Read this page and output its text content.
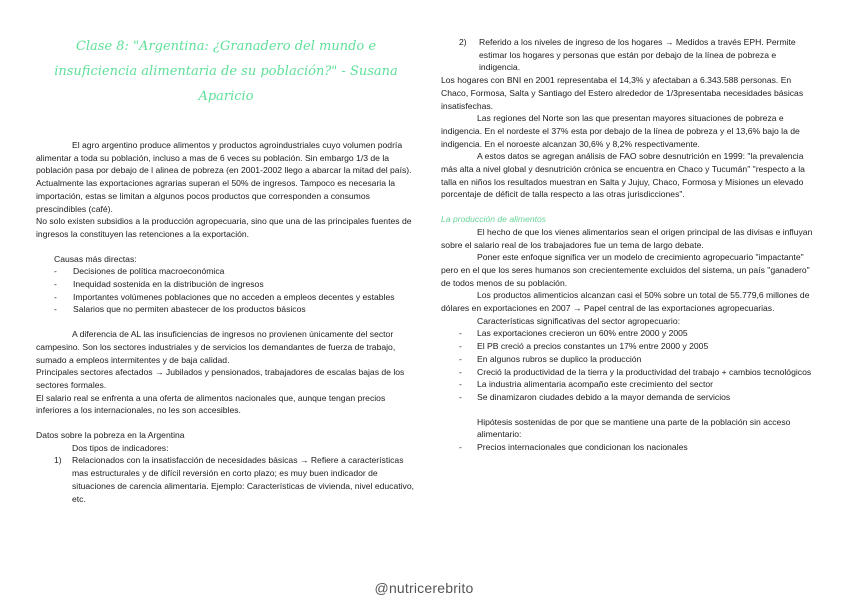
Clase 8: "Argentina: ¿Granadero del mundo e insuficiencia alimentaria de su población?" - Susana Aparicio

El agro argentino produce alimentos y productos agroindustriales cuyo volumen podría alimentar a toda su población, incluso a mas de 6 veces su población. Sin embargo 1/3 de la población pasa por debajo de l alinea de pobreza (en 2001-2002 llego a abarcar la mitad del país).

Actualmente las exportaciones agrarias superan el 50% de ingresos. Tampoco es necesaria la importación, estas se limitan a algunos pocos productos que corresponden a consumos prescindibles (café).

No solo existen subsidios a la producción agropecuaria, sino que una de las principales fuentes de ingresos la constituyen las retenciones a la exportación.

Causas más directas:

- Decisiones de política macroeconómica
- Inequidad sostenida en la distribución de ingresos
- Importantes volúmenes poblaciones que no acceden a empleos decentes y estables
- Salarios que no permiten abastecer de los productos básicos

A diferencia de AL las insuficiencias de ingresos no provienen únicamente del sector campesino. Son los sectores industriales y de servicios los demandantes de fuerza de trabajo, sumado a empleos intermitentes y de baja calidad.

Principales sectores afectados → Jubilados y pensionados, trabajadores de escalas bajas de los sectores formales.

El salario real se enfrenta a una oferta de alimentos nacionales que, aunque tengan precios inferiores a los internacionales, no les son accesibles.

Datos sobre la pobreza en la Argentina

Dos tipos de indicadores:

1) Relacionados con la insatisfacción de necesidades básicas → Refiere a características mas estructurales y de difícil reversión en corto plazo; es muy buen indicador de situaciones de carencia alimentaria. Ejemplo: Características de vivienda, nivel educativo, etc.
2) Referido a los niveles de ingreso de los hogares → Medidos a través EPH. Permite estimar los hogares y personas que están por debajo de la línea de pobreza e indigencia.

Los hogares con BNI en 2001 representaba el 14,3% y afectaban a 6.343.588 personas. En Chaco, Formosa, Salta y Santiago del Estero alrededor de 1/3presentaba necesidades básicas insatisfechas.

Las regiones del Norte son las que presentan mayores situaciones de pobreza e indigencia. En el nordeste el 37% esta por debajo de la línea de pobreza y el 13,6% bajo la de indigencia. En el noroeste alcanzan 30,6% y 8,2% respectivamente.

A estos datos se agregan análisis de FAO sobre desnutrición en 1999: "la prevalencia más alta a nivel global y desnutrición crónica se encuentra en Chaco y Tucumán" "respecto a la talla en niños los resultados muestran en Salta y Jujuy, Chaco, Formosa y Misiones un elevado porcentaje de déficit de talla respecto a las otras jurisdicciones".

La producción de alimentos

El hecho de que los vienes alimentarios sean el origen principal de las divisas e influyan sobre el salario real de los trabajadores fue un tema de largo debate.

Poner este enfoque significa ver un modelo de crecimiento agropecuario "impactante" pero en el que los seres humanos son crecientemente excluidos del sistema, un país "ganadero" de todos menos de su población.

Los productos alimenticios alcanzan casi el 50% sobre un total de 55.779,6 millones de dólares en exportaciones en 2007 → Papel central de las exportaciones agropecuarias.

Características significativas del sector agropecuario:

- Las exportaciones crecieron un 60% entre 2000 y 2005
- El PB creció a precios constantes un 17% entre 2000 y 2005
- En algunos rubros se duplico la producción
- Creció la productividad de la tierra y la productividad del trabajo + cambios tecnológicos
- La industria alimentaria acompaño este crecimiento del sector
- Se dinamizaron ciudades debido a la mayor demanda de servicios

Hipótesis sostenidas de por que se mantiene una parte de la población sin acceso alimentario:

- Precios internacionales que condicionan los nacionales
@nutricerebrito
